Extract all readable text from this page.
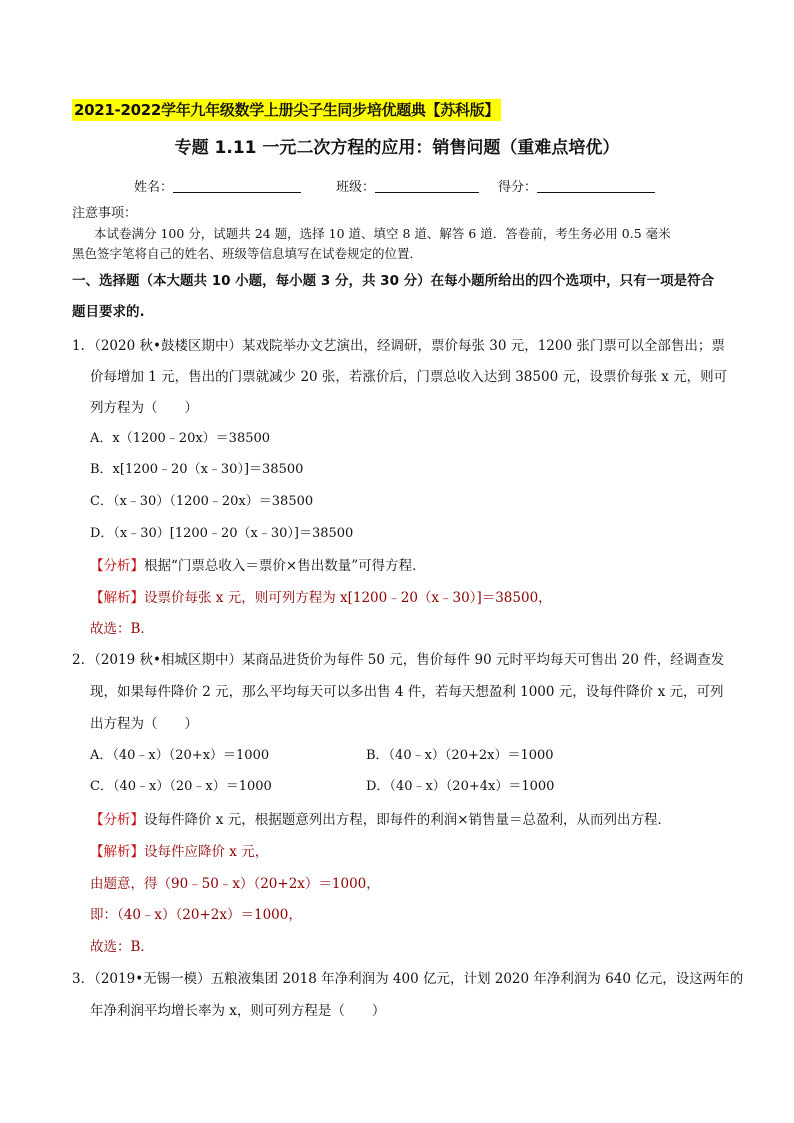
2021-2022学年九年级数学上册尖子生同步培优题典【苏科版】
专题 1.11 一元二次方程的应用：销售问题（重难点培优）
姓名：	班级：	得分：
注意事项：
本试卷满分 100 分，试题共 24 题，选择 10 道、填空 8 道、解答 6 道．答卷前，考生务必用 0.5 毫米
黑色签字笔将自己的姓名、班级等信息填写在试卷规定的位置．
一、选择题（本大题共 10 小题，每小题 3 分，共 30 分）在每小题所给出的四个选项中，只有一项是符合
题目要求的.
1．（2020 秋•鼓楼区期中）某戏院举办文艺演出，经调研，票价每张 30 元，1200 张门票可以全部售出；票
价每增加 1 元，售出的门票就减少 20 张，若涨价后，门票总收入达到 38500 元，设票价每张 x 元，则可
列方程为（　　）
A．x（1200﹣20x）＝38500
B．x[1200﹣20（x﹣30）]＝38500
C．（x﹣30）（1200﹣20x）＝38500
D．（x﹣30）[1200﹣20（x﹣30）]＝38500
【分析】根据“门票总收入＝票价×售出数量”可得方程．
【解析】设票价每张 x 元，则可列方程为 x[1200﹣20（x﹣30）]＝38500，
故选：B．
2．（2019 秋•相城区期中）某商品进货价为每件 50 元，售价每件 90 元时平均每天可售出 20 件，经调查发
现，如果每件降价 2 元，那么平均每天可以多出售 4 件，若每天想盈利 1000 元，设每件降价 x 元，可列
出方程为（　　）
A．（40﹣x）（20+x）＝1000	B．（40﹣x）（20+2x）＝1000
C．（40﹣x）（20﹣x）＝1000	D．（40﹣x）（20+4x）＝1000
【分析】设每件降价 x 元，根据题意列出方程，即每件的利润×销售量＝总盈利，从而列出方程．
【解析】设每件应降价 x 元，
由题意，得（90﹣50﹣x）（20+2x）＝1000，
即：（40﹣x）（20+2x）＝1000，
故选：B．
3．（2019•无锡一模）五粮液集团 2018 年净利润为 400 亿元，计划 2020 年净利润为 640 亿元，设这两年的
年净利润平均增长率为 x，则可列方程是（　　）
